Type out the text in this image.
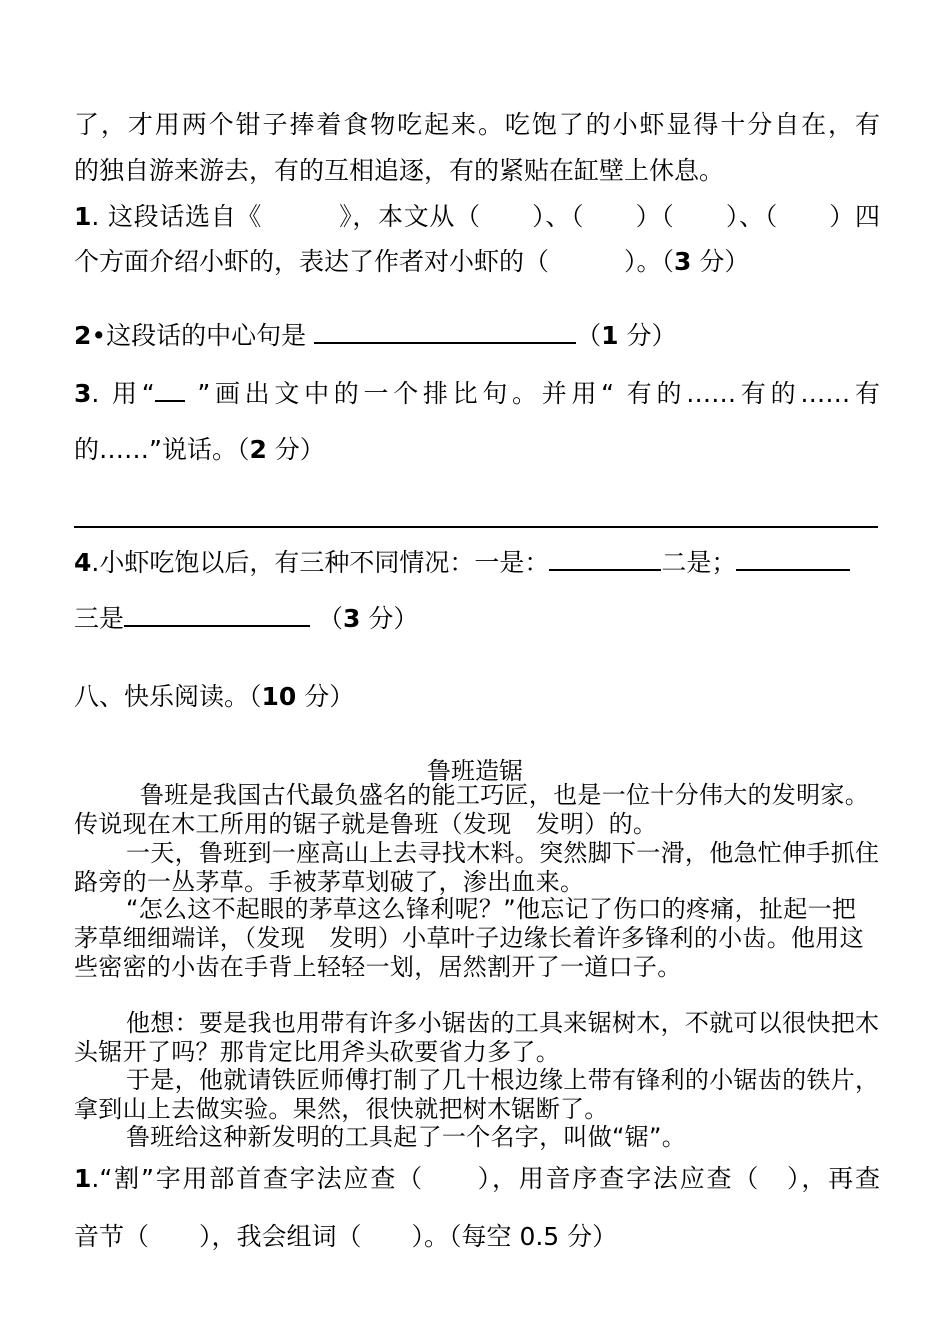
了，才用两个钳子捧着食物吃起来。吃饱了的小虾显得十分自在，有
的独自游来游去，有的互相追逐，有的紧贴在缸壁上休息。
1. 这段话选自《　　　》，本文从（　　）、（　　）（　　）、（　　）四
个方面介绍小虾的，表达了作者对小虾的（　　　）。（3 分）
2•这段话的中心句是	（1 分）
3. 用“ ”画出文中的一个排比句。并用“ 有的……有的……有
的……”说话。（2 分）
4.小虾吃饱以后，有三种不同情况：一是：	二是；
三是	（3 分）
八、快乐阅读。（10 分）
鲁班造锯
鲁班是我国古代最负盛名的能工巧匠，也是一位十分伟大的发明家。传说现在木工所用的锯子就是鲁班（发现　发明）的。
一天，鲁班到一座高山上去寻找木料。突然脚下一滑，他急忙伸手抓住路旁的一丛茅草。手被茅草划破了，渗出血来。
“怎么这不起眼的茅草这么锋利呢？”他忘记了伤口的疼痛，扯起一把茅草细细端详，（发现　发明）小草叶子边缘长着许多锋利的小齿。他用这些密密的小齿在手背上轻轻一划，居然割开了一道口子。
他想：要是我也用带有许多小锯齿的工具来锯树木，不就可以很快把木头锯开了吗？那肯定比用斧头砍要省力多了。
于是，他就请铁匠师傅打制了几十根边缘上带有锋利的小锯齿的铁片，拿到山上去做实验。果然，很快就把树木锯断了。
鲁班给这种新发明的工具起了一个名字，叫做“锯”。
1.“割”字用部首查字法应查（　　），用音序查字法应查（　），再查
音节（　　），我会组词（　　）。（每空 0.5 分）
